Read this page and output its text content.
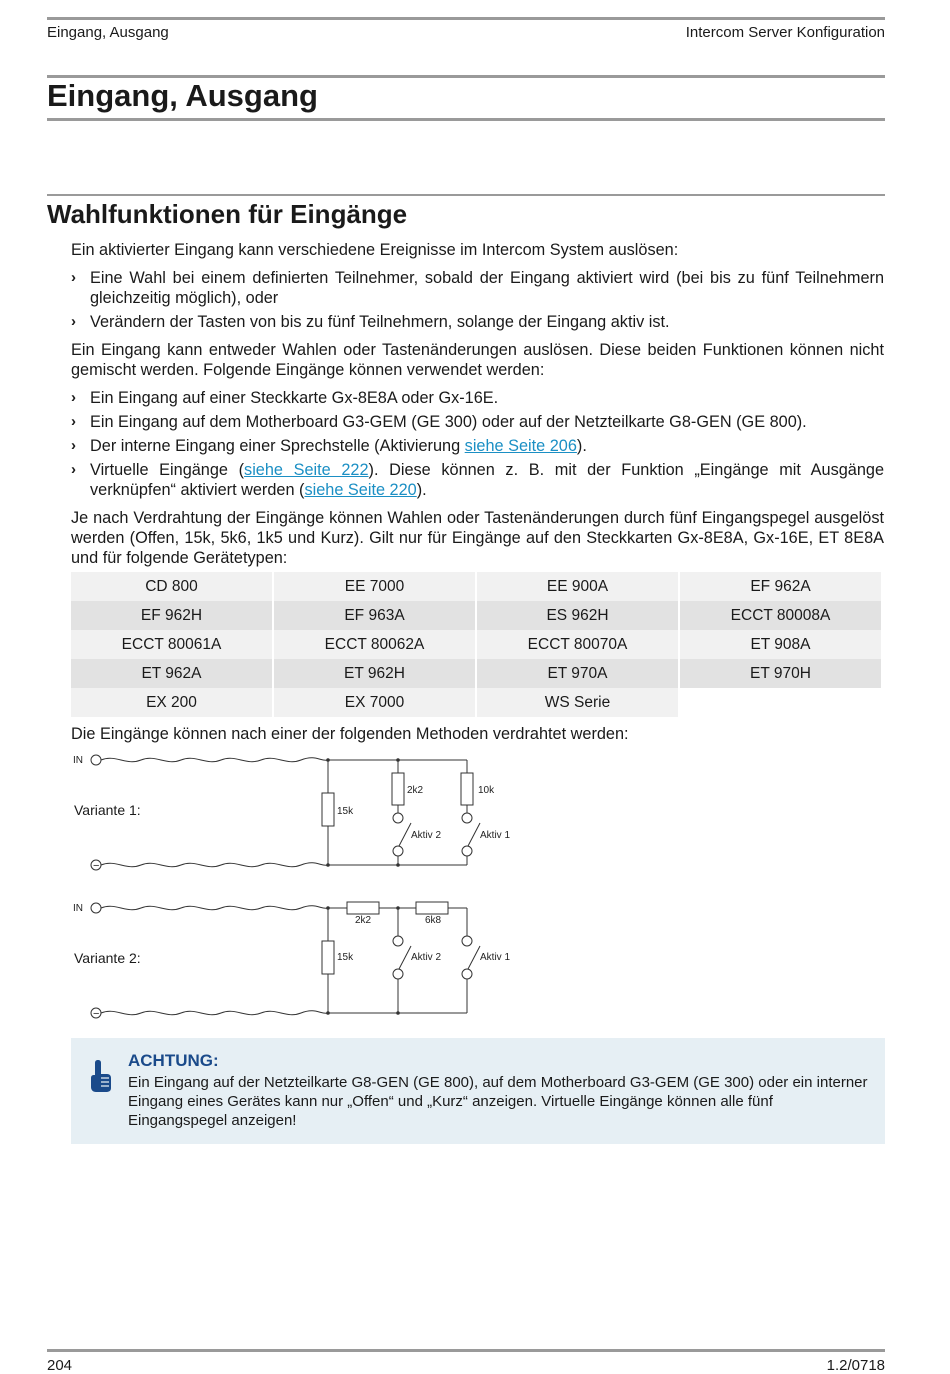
Eingang, Ausgang	Intercom Server Konfiguration
Eingang, Ausgang
Wahlfunktionen für Eingänge

Ein aktivierter Eingang kann verschiedene Ereignisse im Intercom System auslösen:

› Eine Wahl bei einem definierten Teilnehmer, sobald der Eingang aktiviert wird (bei bis zu fünf Teilnehmern gleichzeitig möglich), oder
› Verändern der Tasten von bis zu fünf Teilnehmern, solange der Eingang aktiv ist.

Ein Eingang kann entweder Wahlen oder Tastenänderungen auslösen. Diese beiden Funktionen können nicht gemischt werden. Folgende Eingänge können verwendet werden:

› Ein Eingang auf einer Steckkarte Gx-8E8A oder Gx-16E.
› Ein Eingang auf dem Motherboard G3-GEM (GE 300) oder auf der Netzteilkarte G8-GEN (GE 800).
› Der interne Eingang einer Sprechstelle (Aktivierung siehe Seite 206).
› Virtuelle Eingänge (siehe Seite 222). Diese können z. B. mit der Funktion „Eingänge mit Ausgänge verknüpfen“ aktiviert werden (siehe Seite 220).

Je nach Verdrahtung der Eingänge können Wahlen oder Tastenänderungen durch fünf Eingangspegel ausgelöst werden (Offen, 15k, 5k6, 1k5 und Kurz). Gilt nur für Eingänge auf den Steckkarten Gx-8E8A, Gx-16E, ET 8E8A und für folgende Gerätetypen:

CD 800	EE 7000	EE 900A	EF 962A
EF 962H	EF 963A	ES 962H	ECCT 80008A
ECCT 80061A	ECCT 80062A	ECCT 80070A	ET 908A
ET 962A	ET 962H	ET 970A	ET 970H
EX 200	EX 7000	WS Serie	
Die Eingänge können nach einer der folgenden Methoden verdrahtet werden:
Variante 1:
IN
−
15k
2k2	10k
Aktiv 2	Aktiv 1
Variante 2:
IN
−
15k
2k2	6k8
Aktiv 2	Aktiv 1
ACHTUNG:
Ein Eingang auf der Netzteilkarte G8-GEN (GE 800), auf dem Motherboard G3-GEM (GE 300) oder ein interner Eingang eines Gerätes kann nur „Offen“ und „Kurz“ anzeigen. Virtuelle Eingänge können alle fünf Eingangspegel anzeigen!
204	1.2/0718
